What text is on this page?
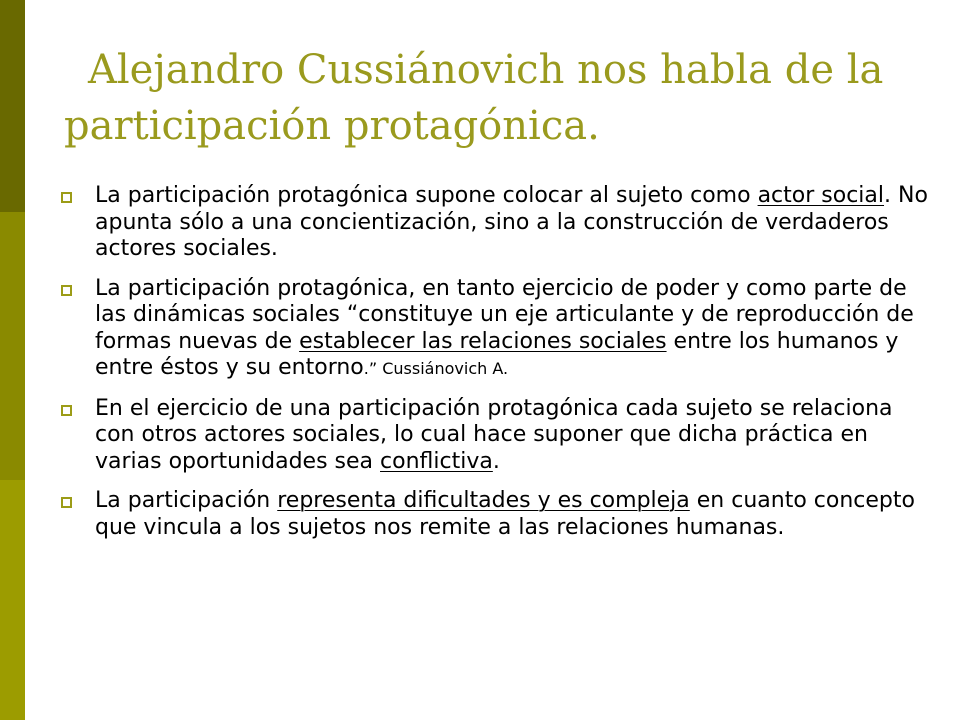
Alejandro Cussiánovich nos habla de la
participación protagónica.
La participación protagónica supone colocar al sujeto como actor social. No apunta sólo a una concientización, sino a la construcción de verdaderos actores sociales.
La participación protagónica, en tanto ejercicio de poder y como parte de las dinámicas sociales “constituye un eje articulante y de reproducción de formas nuevas de establecer las relaciones sociales entre los humanos y entre éstos y su entorno.” Cussiánovich A.
En el ejercicio de una participación protagónica cada sujeto se relaciona con otros actores sociales, lo cual hace suponer que dicha práctica en varias oportunidades sea conflictiva.
La participación representa dificultades y es compleja en cuanto concepto que vincula a los sujetos nos remite a las relaciones humanas.
